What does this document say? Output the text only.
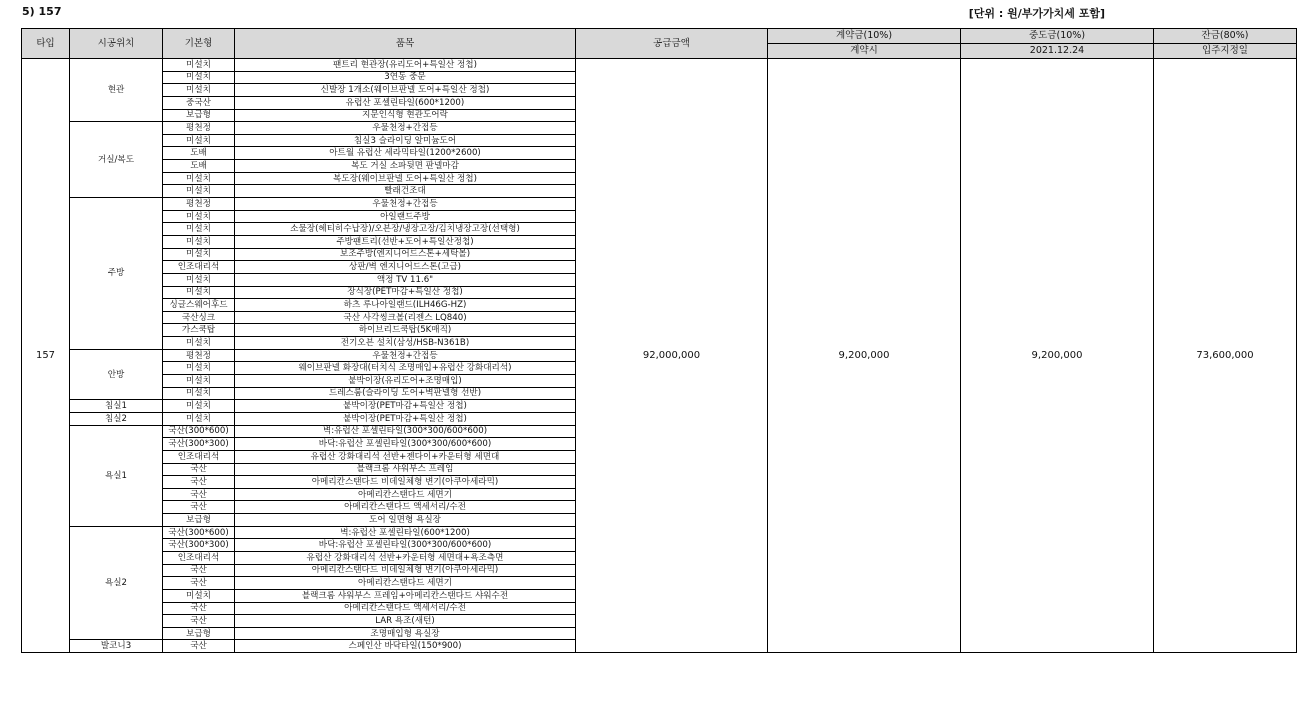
5) 157	[단위 : 원/부가가치세 포함]
타입	시공위치	기본형	품목	공급금액	계약금(10%)	중도금(10%)	잔금(80%)
					계약시	2021.12.24	입주지정일
157	현관	미설치	팬트리 현관장(유리도어+특일산 정첩)	92,000,000	9,200,000	9,200,000	73,600,000
		미설치	3연동 중문				
		미설치	신발장 1개소(웨이브판넬 도어+특일산 정첩)				
		중국산	유럽산 포셀린타일(600*1200)				
		보급형	지문인식형 현관도어락				
	거실/복도	평천정	우물천정+간접등				
		미설치	침실3 슬라이딩 알미늄도어				
		도배	아트월 유럽산 세라믹타일(1200*2600)				
		도배	복도 거실 소파뒷면 판넬마감				
		미설치	복도장(웨이브판넬 도어+특일산 정첩)				
		미설치	빨래건조대				
	주방	평천정	우물천정+간접등				
		미설치	아일랜드주방				
		미설치	소물장(헤티히수납장)/오븐장/냉장고장/김치냉장고장(선택형)				
		미설치	주방팬트리(선반+도어+특일산정첩)				
		미설치	보조주방(엔지니어드스톤+세탁볼)				
		인조대리석	상판/벽 엔지니어드스톤(고급)				
		미설치	액정 TV 11.6"				
		미설치	장식장(PET마감+특일산 정첩)				
		싱글스웨어후드	하츠 루나아일랜드(ILH46G-HZ)				
		국산싱크	국산 사각씽크볼(리젠스 LQ840)				
		가스쿡탑	하이브리드쿡탑(5K매직)				
		미설치	전기오븐 설치(삼성/HSB-N361B)				
	안방	평천정	우물천정+간접등				
		미설치	웨이브판넬 화장대(터치식 조명매입+유럽산 강화대리석)				
		미설치	붙박이장(유리도어+조명매입)				
		미설치	드레스룸(슬라이딩 도어+벽판넬형 선반)				
	침실1	미설치	붙박이장(PET마감+특일산 정첩)				
	침실2	미설치	붙박이장(PET마감+특일산 정첩)				
	욕실1	국산(300*600)	벽:유럽산 포셀린타일(300*300/600*600)				
		국산(300*300)	바닥:유럽산 포셀린타일(300*300/600*600)				
		인조대리석	유럽산 강화대리석 선반+젠다이+카운터형 세면대				
		국산	블랙크롬 샤워부스 프레임				
		국산	아메리칸스탠다드 비데일체형 변기(아쿠아세라믹)				
		국산	아메리칸스탠다드 세면기				
		국산	아메리칸스탠다드 액세서리/수전				
		보급형	도어 일면형 욕실장				
	욕실2	국산(300*600)	벽:유럽산 포셀린타일(600*1200)				
		국산(300*300)	바닥:유럽산 포셀린타일(300*300/600*600)				
		인조대리석	유럽산 강화대리석 선반+카운터형 세면대+욕조측면				
		국산	아메리칸스탠다드 비데일체형 변기(아쿠아세라믹)				
		국산	아메리칸스탠다드 세면기				
		미설치	블랙크롬 샤워부스 프레임+아메리칸스탠다드 샤워수전				
		국산	아메리칸스탠다드 액세서리/수전				
		국산	LAR 욕조(새턴)				
		보급형	조명매입형 욕실장				
	발코니3	국산	스페인산 바닥타일(150*900)				
